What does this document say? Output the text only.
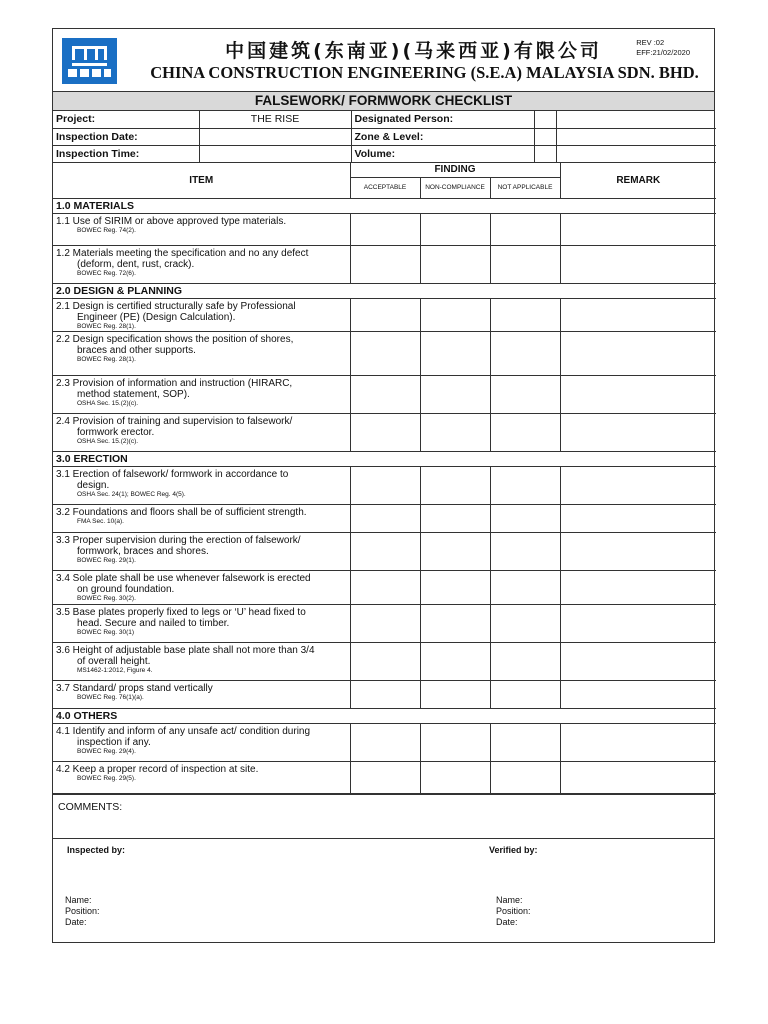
中国建筑(东南亚)(马来西亚)有限公司
CHINA CONSTRUCTION ENGINEERING (S.E.A) MALAYSIA SDN. BHD.
REV :02
EFF:21/02/2020
FALSEWORK/ FORMWORK CHECKLIST
Project:	THE RISE	Designated Person:		
Inspection Date:		Zone & Level:		
Inspection Time:		Volume:		
ITEM	FINDING			REMARK
	ACCEPTABLE	NON-COMPLIANCE	NOT APPLICABLE	
1.0 MATERIALS				

1.1 Use of SIRIM or above approved type materials.
BOWEC Reg. 74(2).				

1.2 Materials meeting the specification and no any defect
(deform, dent, rust, crack).
BOWEC Reg. 72(6).				

2.0 DESIGN & PLANNING				

2.1 Design is certified structurally safe by Professional
Engineer (PE) (Design Calculation).
BOWEC Reg. 28(1).				

2.2 Design specification shows the position of shores,
braces and other supports.
BOWEC Reg. 28(1).				

2.3 Provision of information and instruction (HIRARC,
method statement, SOP).
OSHA Sec. 15.(2)(c).				

2.4 Provision of training and supervision to falsework/
formwork erector.
OSHA Sec. 15.(2)(c).				

3.0 ERECTION				

3.1 Erection of falsework/ formwork in accordance to
design.
OSHA Sec. 24(1); BOWEC Reg. 4(5).				

3.2 Foundations and floors shall be of sufficient strength.
FMA Sec. 10(a).				

3.3 Proper supervision during the erection of falsework/
formwork, braces and shores.
BOWEC Reg. 29(1).				

3.4 Sole plate shall be use whenever falsework is erected
on ground foundation.
BOWEC Reg. 30(2).				

3.5 Base plates properly fixed to legs or ‘U’ head fixed to
head. Secure and nailed to timber.
BOWEC Reg. 30(1)				

3.6 Height of adjustable base plate shall not more than 3/4
of overall height.
MS1462-1:2012, Figure 4.				

3.7 Standard/ props stand vertically
BOWEC Reg. 76(1)(a).				

4.0 OTHERS				

4.1 Identify and inform of any unsafe act/ condition during
inspection if any.
BOWEC Reg. 29(4).				

4.2 Keep a proper record of inspection at site.
BOWEC Reg. 29(5).				

COMMENTS:
Inspected by:	Verified by:
Name:
Position:
Date:
Name:
Position:
Date:
